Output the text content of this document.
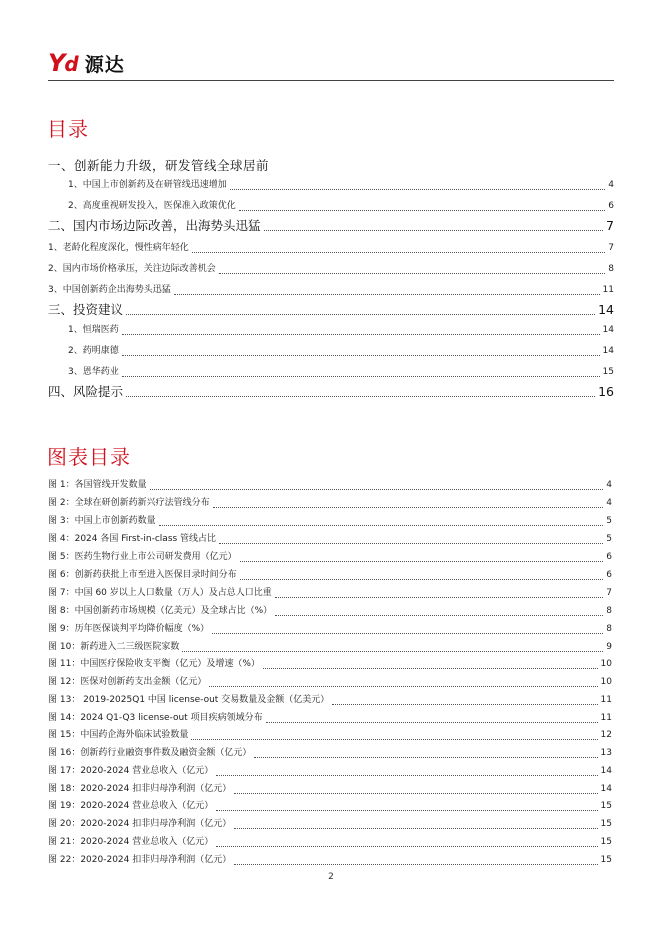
Y d 源达
目录
一、创新能力升级，研发管线全球居前
1、中国上市创新药及在研管线迅速增加	4
2、高度重视研发投入，医保准入政策优化	6
二、国内市场边际改善，出海势头迅猛	7
1、老龄化程度深化，慢性病年轻化	7
2、国内市场价格承压，关注边际改善机会	8
3、中国创新药企出海势头迅猛	11
三、投资建议	14
1、恒瑞医药	14
2、药明康德	14
3、恩华药业	15
四、风险提示	16
图表目录
图 1：各国管线开发数量	4
图 2：全球在研创新药新兴疗法管线分布	4
图 3：中国上市创新药数量	5
图 4：2024 各国 First-in-class 管线占比	5
图 5：医药生物行业上市公司研发费用（亿元）	6
图 6：创新药获批上市至进入医保目录时间分布	6
图 7：中国 60 岁以上人口数量（万人）及占总人口比重	7
图 8：中国创新药市场规模（亿美元）及全球占比（%）	8
图 9：历年医保谈判平均降价幅度（%）	8
图 10：新药进入二三级医院家数	9
图 11：中国医疗保险收支平衡（亿元）及增速（%）	10
图 12：医保对创新药支出金额（亿元）	10
图 13： 2019-2025Q1 中国 license-out 交易数量及金额（亿美元）	11
图 14：2024 Q1-Q3 license-out 项目疾病领域分布	11
图 15：中国药企海外临床试验数量	12
图 16：创新药行业融资事件数及融资金额（亿元）	13
图 17：2020-2024 营业总收入（亿元）	14
图 18：2020-2024 扣非归母净利润（亿元）	14
图 19：2020-2024 营业总收入（亿元）	15
图 20：2020-2024 扣非归母净利润（亿元）	15
图 21：2020-2024 营业总收入（亿元）	15
图 22：2020-2024 扣非归母净利润（亿元）	15
2
